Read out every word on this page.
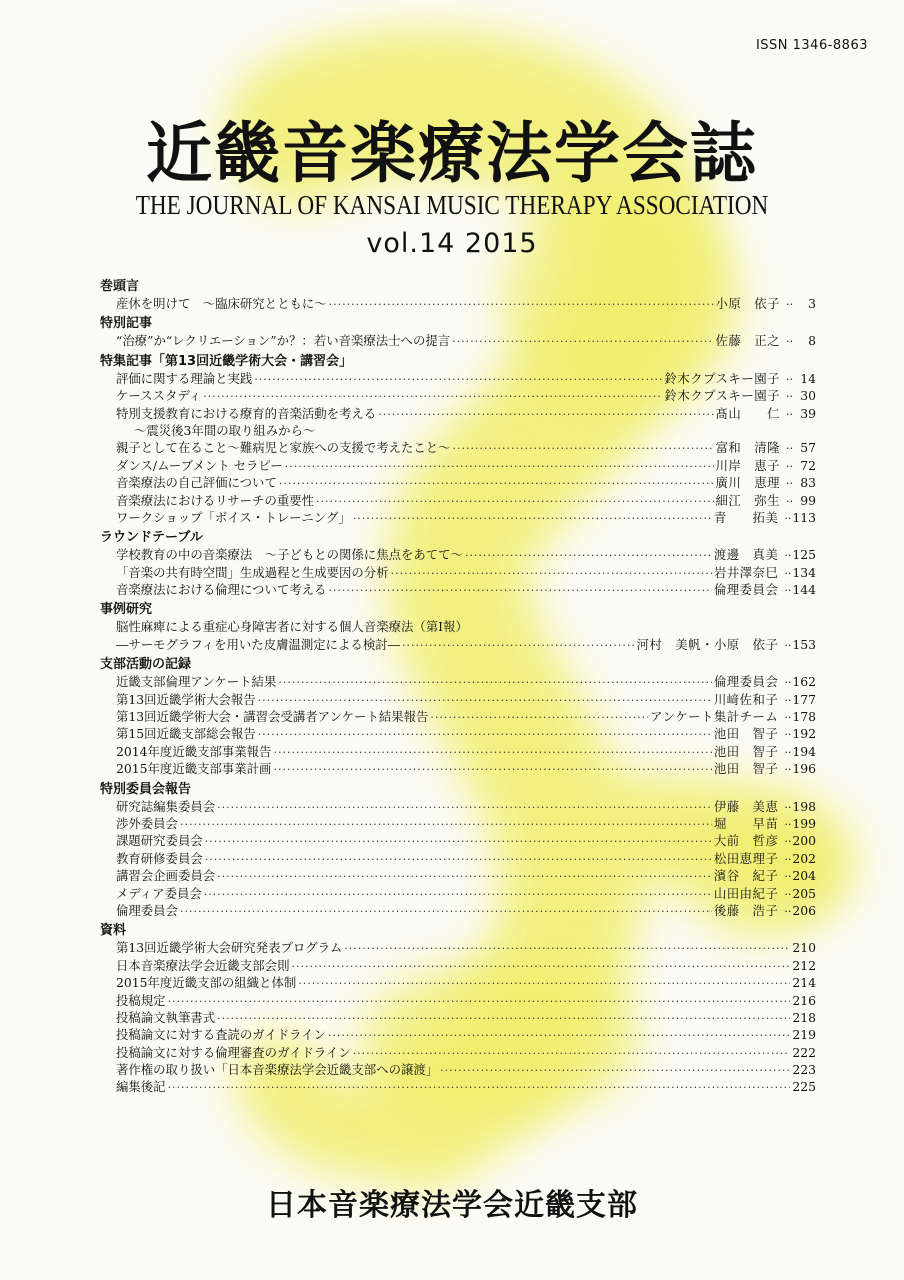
ISSN 1346-8863
近畿音楽療法学会誌
THE JOURNAL OF KANSAI MUSIC THERAPY ASSOCIATION
vol.14 2015
巻頭言
産休を明けて　～臨床研究とともに～ ·····	小原　依子 ··	3
特別記事
“治療”か“レクリエーション”か？：若い音楽療法士への提言 ·····	佐藤　正之 ··	8
特集記事「第13回近畿学術大会・講習会」
評価に関する理論と実践 ·····	鈴木クプスキー園子 ·· 14
ケーススタディ ·····	鈴木クプスキー園子 ·· 30
特別支援教育における療育的音楽活動を考える ·····	髙山　　仁 ·· 39
～震災後3年間の取り組みから～
親子として在ること～難病児と家族への支援で考えたこと～ ·····	富和　清隆 ·· 57
ダンス/ムーブメント セラピー ·····	川岸　恵子 ·· 72
音楽療法の自己評価について ·····	廣川　恵理 ·· 83
音楽療法におけるリサーチの重要性 ·····	細江　弥生 ·· 99
ワークショップ「ボイス・トレーニング」 ·····	青　　拓美 ·· 113
ラウンドテーブル
学校教育の中の音楽療法　～子どもとの関係に焦点をあてて～ ·····	渡邊　真美 ·· 125
「音楽の共有時空間」生成過程と生成要因の分析 ·····	岩井澤奈巳 ·· 134
音楽療法における倫理について考える ·····	倫理委員会 ·· 144
事例研究
脳性麻痺による重症心身障害者に対する個人音楽療法（第Ⅰ報）
―サーモグラフィを用いた皮膚温測定による検討― ·····	河村　美帆・小原　依子 ·· 153
支部活動の記録
近畿支部倫理アンケート結果 ·····	倫理委員会 ·· 162
第13回近畿学術大会報告 ·····	川﨑佐和子 ·· 177
第13回近畿学術大会・講習会受講者アンケート結果報告 ·····	アンケート集計チーム ·· 178
第15回近畿支部総会報告 ·····	池田　智子 ·· 192
2014年度近畿支部事業報告 ·····	池田　智子 ·· 194
2015年度近畿支部事業計画 ·····	池田　智子 ·· 196
特別委員会報告
研究誌編集委員会 ·····	伊藤　美恵 ·· 198
渉外委員会 ·····	堀　　早苗 ·· 199
課題研究委員会 ·····	大前　哲彦 ·· 200
教育研修委員会 ·····	松田恵理子 ·· 202
講習会企画委員会 ·····	濱谷　紀子 ·· 204
メディア委員会 ·····	山田由紀子 ·· 205
倫理委員会 ·····	後藤　浩子 ·· 206
資料
第13回近畿学術大会研究発表プログラム ·····	210
日本音楽療法学会近畿支部会則 ·····	212
2015年度近畿支部の組織と体制 ·····	214
投稿規定 ·····	216
投稿論文執筆書式 ·····	218
投稿論文に対する査読のガイドライン ·····	219
投稿論文に対する倫理審査のガイドライン ·····	222
著作権の取り扱い「日本音楽療法学会近畿支部への譲渡」 ·····	223
編集後記 ·····	225
日本音楽療法学会近畿支部
